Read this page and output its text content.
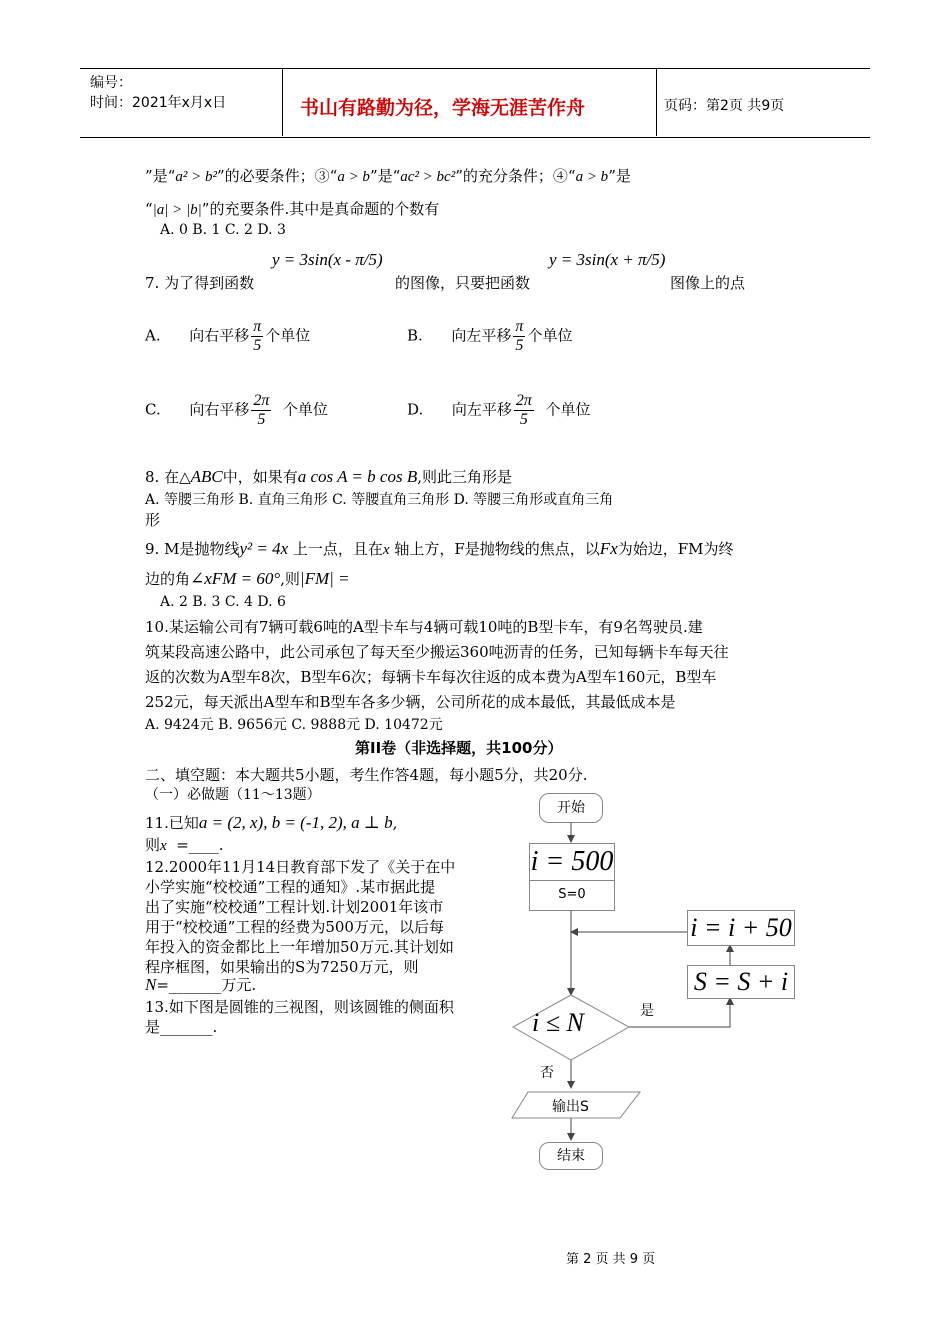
编号：
时间：2021年x月x日	书山有路勤为径，学海无涯苦作舟	页码：第2页 共9页
”是“a² > b²”的必要条件；③“a > b”是“ac² > bc²”的充分条件；④“a > b”是
“|a| > |b|”的充要条件.其中是真命题的个数有
A. 0 B. 1 C. 2 D. 3
7. 为了得到函数
y = 3sin(x - π/5)
的图像，只要把函数
y = 3sin(x + π/5)
图像上的点
A. 向右平移 $\frac{\pi}{5}$ 个单位	B. 向左平移 $\frac{\pi}{5}$ 个单位
C. 向右平移 $\frac{2\pi}{5}$ 个单位	D. 向左平移 $\frac{2\pi}{5}$ 个单位
8. 在△ABC中，如果有a cos A = b cos B,则此三角形是
A. 等腰三角形 B. 直角三角形 C. 等腰直角三角形 D. 等腰三角形或直角三角
形
9. M是抛物线y² = 4x 上一点，且在x 轴上方，F是抛物线的焦点，以Fx为始边，FM为终
边的角∠xFM = 60°,则|FM| =
A. 2 B. 3 C. 4 D. 6
10.某运输公司有7辆可载6吨的A型卡车与4辆可载10吨的B型卡车，有9名驾驶员.建
筑某段高速公路中，此公司承包了每天至少搬运360吨沥青的任务，已知每辆卡车每天往
返的次数为A型车8次，B型车6次；每辆卡车每次往返的成本费为A型车160元，B型车
252元，每天派出A型车和B型车各多少辆，公司所花的成本最低，其最低成本是
A. 9424元 B. 9656元 C. 9888元 D. 10472元
第II卷（非选择题，共100分）
二、填空题：本大题共5小题，考生作答4题，每小题5分，共20分.
（一）必做题（11～13题）
11.已知a = (2, x), b = (-1, 2), a ⊥ b,
则x =____.
12.2000年11月14日教育部下发了《关于在中
小学实施“校校通”工程的通知》.某市据此提
出了实施“校校通”工程计划.计划2001年该市
用于“校校通”工程的经费为500万元，以后每
年投入的资金都比上一年增加50万元.其计划如
程序框图，如果输出的S为7250万元，则
N=_______万元.
13.如下图是圆锥的三视图，则该圆锥的侧面积
是_______.
开始
i = 500
S=0
i = i + 50
S = S + i
i ≤ N	是
否
输出S
结束
第 2 页 共 9 页
